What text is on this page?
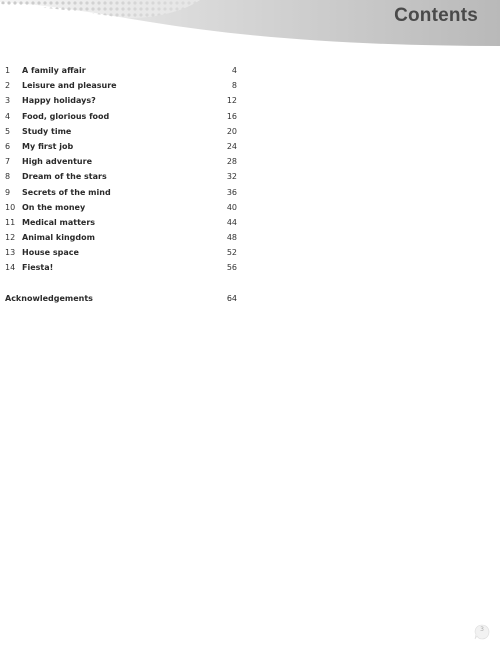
Contents
1 A family affair	4
2 Leisure and pleasure	8
3 Happy holidays?	12
4 Food, glorious food	16
5 Study time	20
6 My first job	24
7 High adventure	28
8 Dream of the stars	32
9 Secrets of the mind	36
10 On the money	40
11 Medical matters	44
12 Animal kingdom	48
13 House space	52
14 Fiesta!	56
Acknowledgements	64
3
